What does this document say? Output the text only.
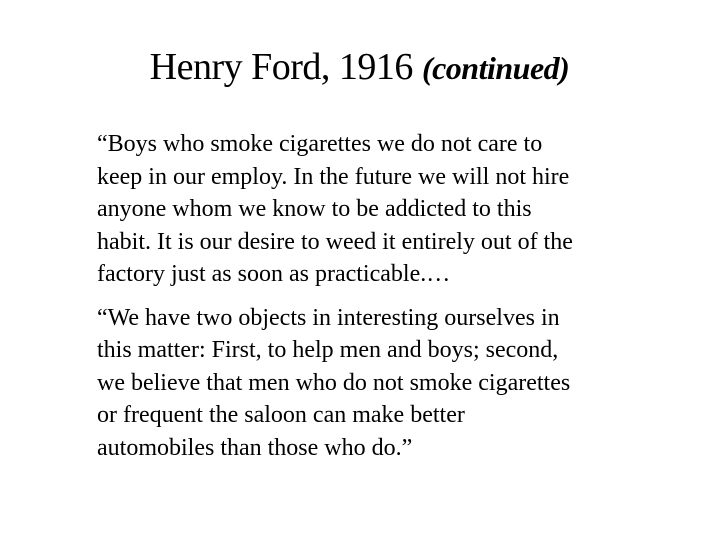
Henry Ford, 1916 (continued)

“Boys who smoke cigarettes we do not care to
keep in our employ. In the future we will not hire
anyone whom we know to be addicted to this
habit. It is our desire to weed it entirely out of the
factory just as soon as practicable.…

“We have two objects in interesting ourselves in
this matter: First, to help men and boys; second,
we believe that men who do not smoke cigarettes
or frequent the saloon can make better
automobiles than those who do.”
